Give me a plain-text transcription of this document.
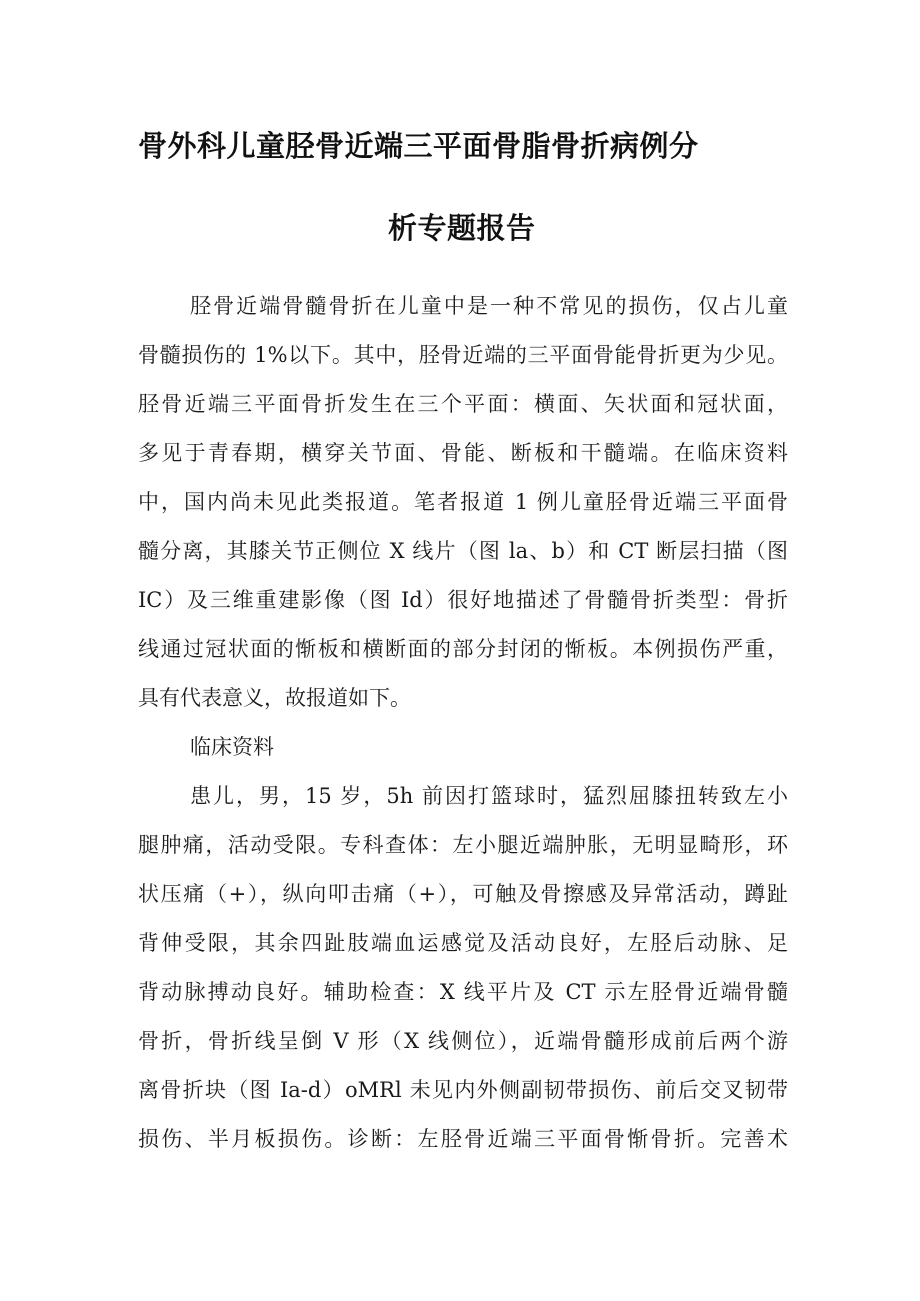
骨外科儿童胫骨近端三平面骨脂骨折病例分
析专题报告

胫骨近端骨髓骨折在儿童中是一种不常见的损伤，仅占儿童

骨髓损伤的 1%以下。其中，胫骨近端的三平面骨能骨折更为少见。

胫骨近端三平面骨折发生在三个平面：横面、矢状面和冠状面，

多见于青春期，横穿关节面、骨能、断板和干髓端。在临床资料

中，国内尚未见此类报道。笔者报道 1 例儿童胫骨近端三平面骨

髓分离，其膝关节正侧位 X 线片（图 la、b）和 CT 断层扫描（图

IC）及三维重建影像（图 Id）很好地描述了骨髓骨折类型：骨折

线通过冠状面的惭板和横断面的部分封闭的惭板。本例损伤严重，

具有代表意义，故报道如下。

临床资料

患儿，男，15 岁，5h 前因打篮球时，猛烈屈膝扭转致左小

腿肿痛，活动受限。专科查体：左小腿近端肿胀，无明显畸形，环

状压痛（+），纵向叩击痛（+），可触及骨擦感及异常活动，蹲趾

背伸受限，其余四趾肢端血运感觉及活动良好，左胫后动脉、足

背动脉搏动良好。辅助检查：X 线平片及 CT 示左胫骨近端骨髓

骨折，骨折线呈倒 V 形（X 线侧位），近端骨髓形成前后两个游

离骨折块（图 Ia-d）oMRl 未见内外侧副韧带损伤、前后交叉韧带

损伤、半月板损伤。诊断：左胫骨近端三平面骨惭骨折。完善术
